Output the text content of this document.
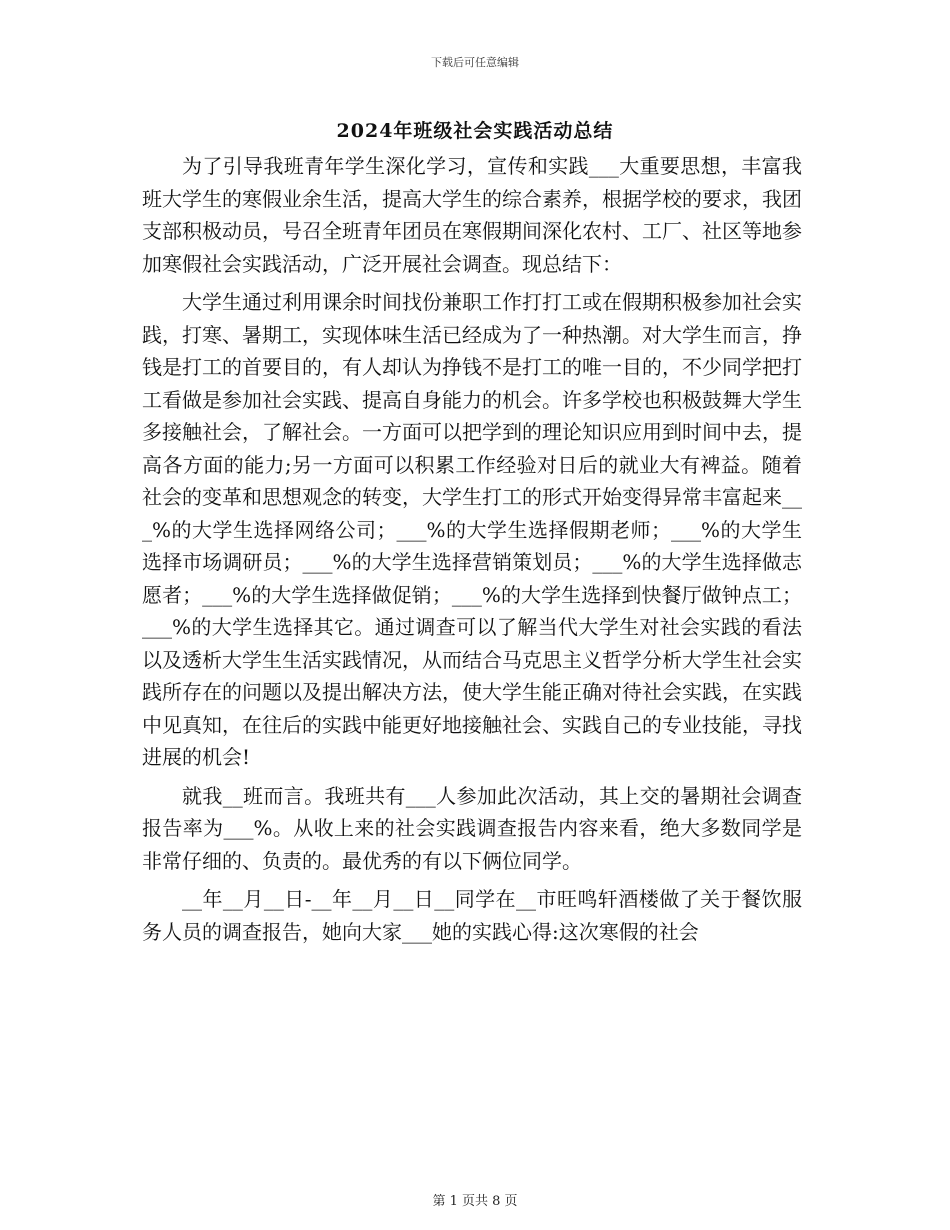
下载后可任意编辑
2024年班级社会实践活动总结

为了引导我班青年学生深化学习，宣传和实践___大重要思想，丰富我班大学生的寒假业余生活，提高大学生的综合素养，根据学校的要求，我团支部积极动员，号召全班青年团员在寒假期间深化农村、工厂、社区等地参加寒假社会实践活动，广泛开展社会调查。现总结下：

大学生通过利用课余时间找份兼职工作打打工或在假期积极参加社会实践，打寒、暑期工，实现体味生活已经成为了一种热潮。对大学生而言，挣钱是打工的首要目的，有人却认为挣钱不是打工的唯一目的，不少同学把打工看做是参加社会实践、提高自身能力的机会。许多学校也积极鼓舞大学生多接触社会，了解社会。一方面可以把学到的理论知识应用到时间中去，提高各方面的能力;另一方面可以积累工作经验对日后的就业大有裨益。随着社会的变革和思想观念的转变，大学生打工的形式开始变得异常丰富起来___%的大学生选择网络公司；___%的大学生选择假期老师；___%的大学生选择市场调研员；___%的大学生选择营销策划员；___%的大学生选择做志愿者；___%的大学生选择做促销；___%的大学生选择到快餐厅做钟点工；___%的大学生选择其它。通过调查可以了解当代大学生对社会实践的看法以及透析大学生生活实践情况，从而结合马克思主义哲学分析大学生社会实践所存在的问题以及提出解决方法，使大学生能正确对待社会实践，在实践中见真知，在往后的实践中能更好地接触社会、实践自己的专业技能，寻找进展的机会!

就我__班而言。我班共有___人参加此次活动，其上交的暑期社会调查报告率为___%。从收上来的社会实践调查报告内容来看，绝大多数同学是非常仔细的、负责的。最优秀的有以下俩位同学。

__年__月__日-__年__月__日__同学在__市旺鸣轩酒楼做了关于餐饮服务人员的调查报告，她向大家___她的实践心得:这次寒假的社会

第 1 页共 8 页
